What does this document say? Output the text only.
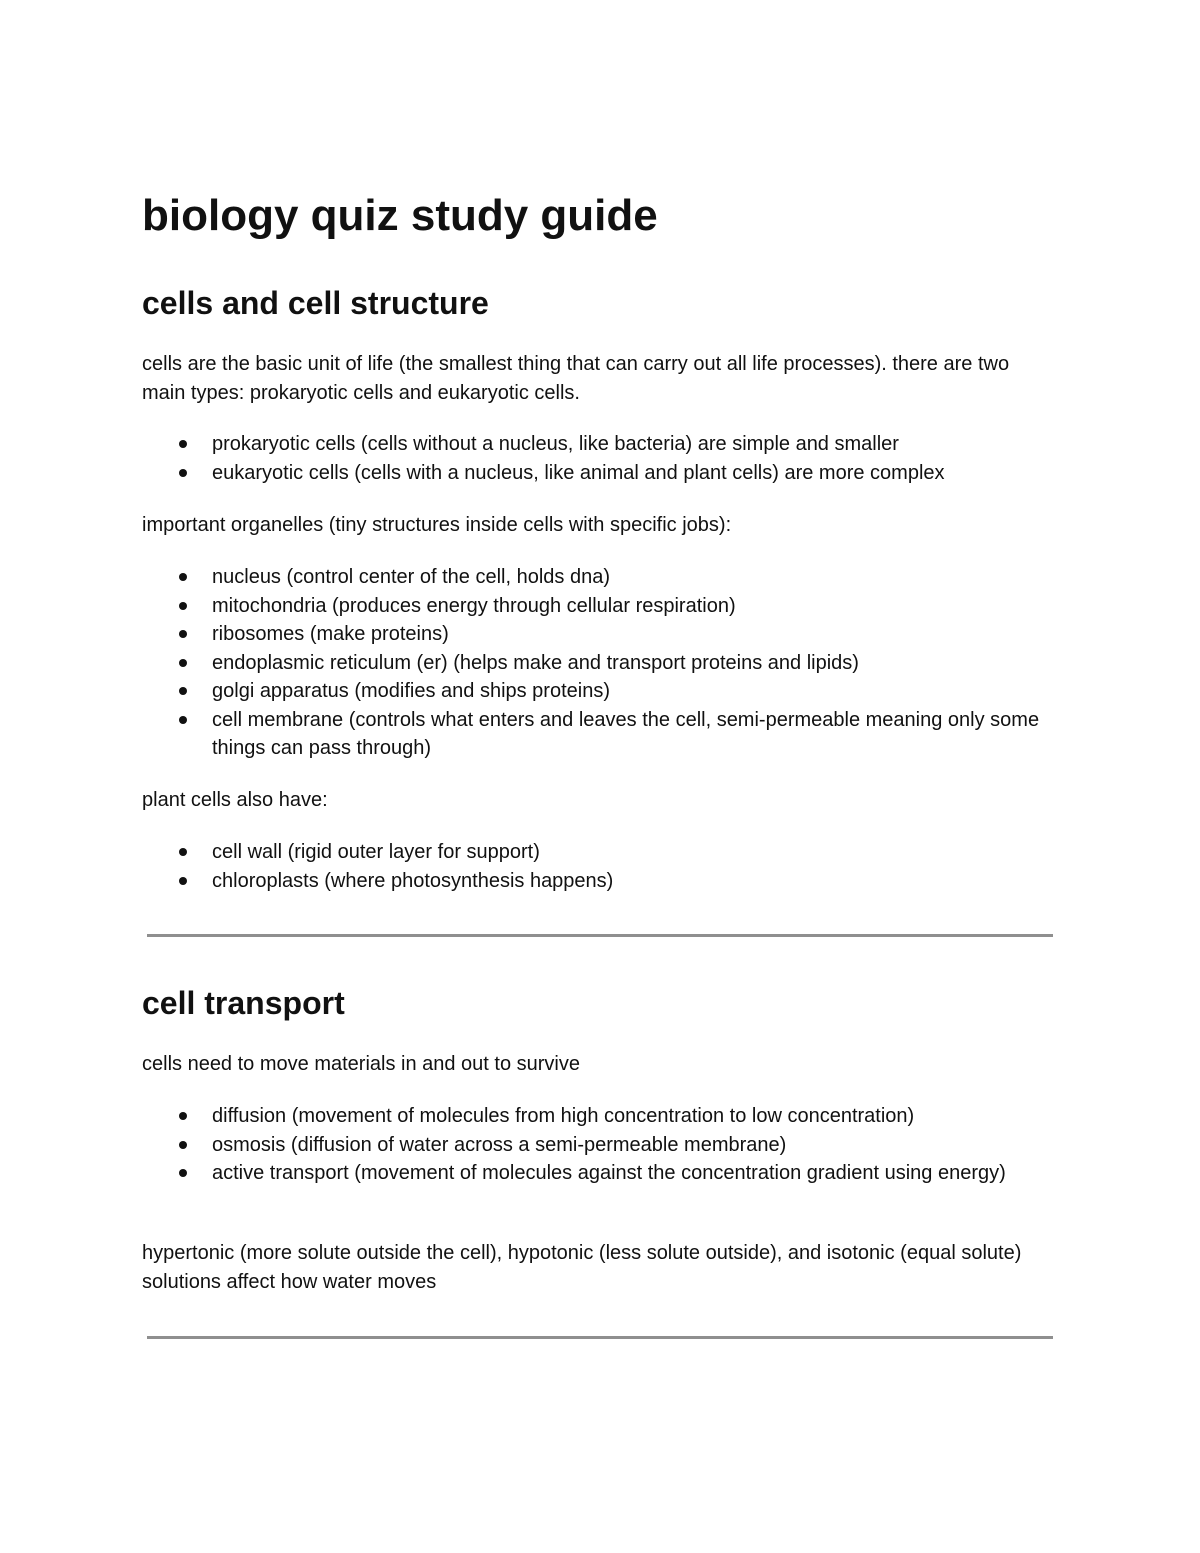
biology quiz study guide
cells and cell structure

cells are the basic unit of life (the smallest thing that can carry out all life processes). there are two main types: prokaryotic cells and eukaryotic cells.

prokaryotic cells (cells without a nucleus, like bacteria) are simple and smaller
eukaryotic cells (cells with a nucleus, like animal and plant cells) are more complex

important organelles (tiny structures inside cells with specific jobs):

nucleus (control center of the cell, holds dna)
mitochondria (produces energy through cellular respiration)
ribosomes (make proteins)
endoplasmic reticulum (er) (helps make and transport proteins and lipids)
golgi apparatus (modifies and ships proteins)
cell membrane (controls what enters and leaves the cell, semi-permeable meaning only some things can pass through)

plant cells also have:

cell wall (rigid outer layer for support)
chloroplasts (where photosynthesis happens)
cell transport

cells need to move materials in and out to survive

diffusion (movement of molecules from high concentration to low concentration)
osmosis (diffusion of water across a semi-permeable membrane)
active transport (movement of molecules against the concentration gradient using energy)

hypertonic (more solute outside the cell), hypotonic (less solute outside), and isotonic (equal solute) solutions affect how water moves
